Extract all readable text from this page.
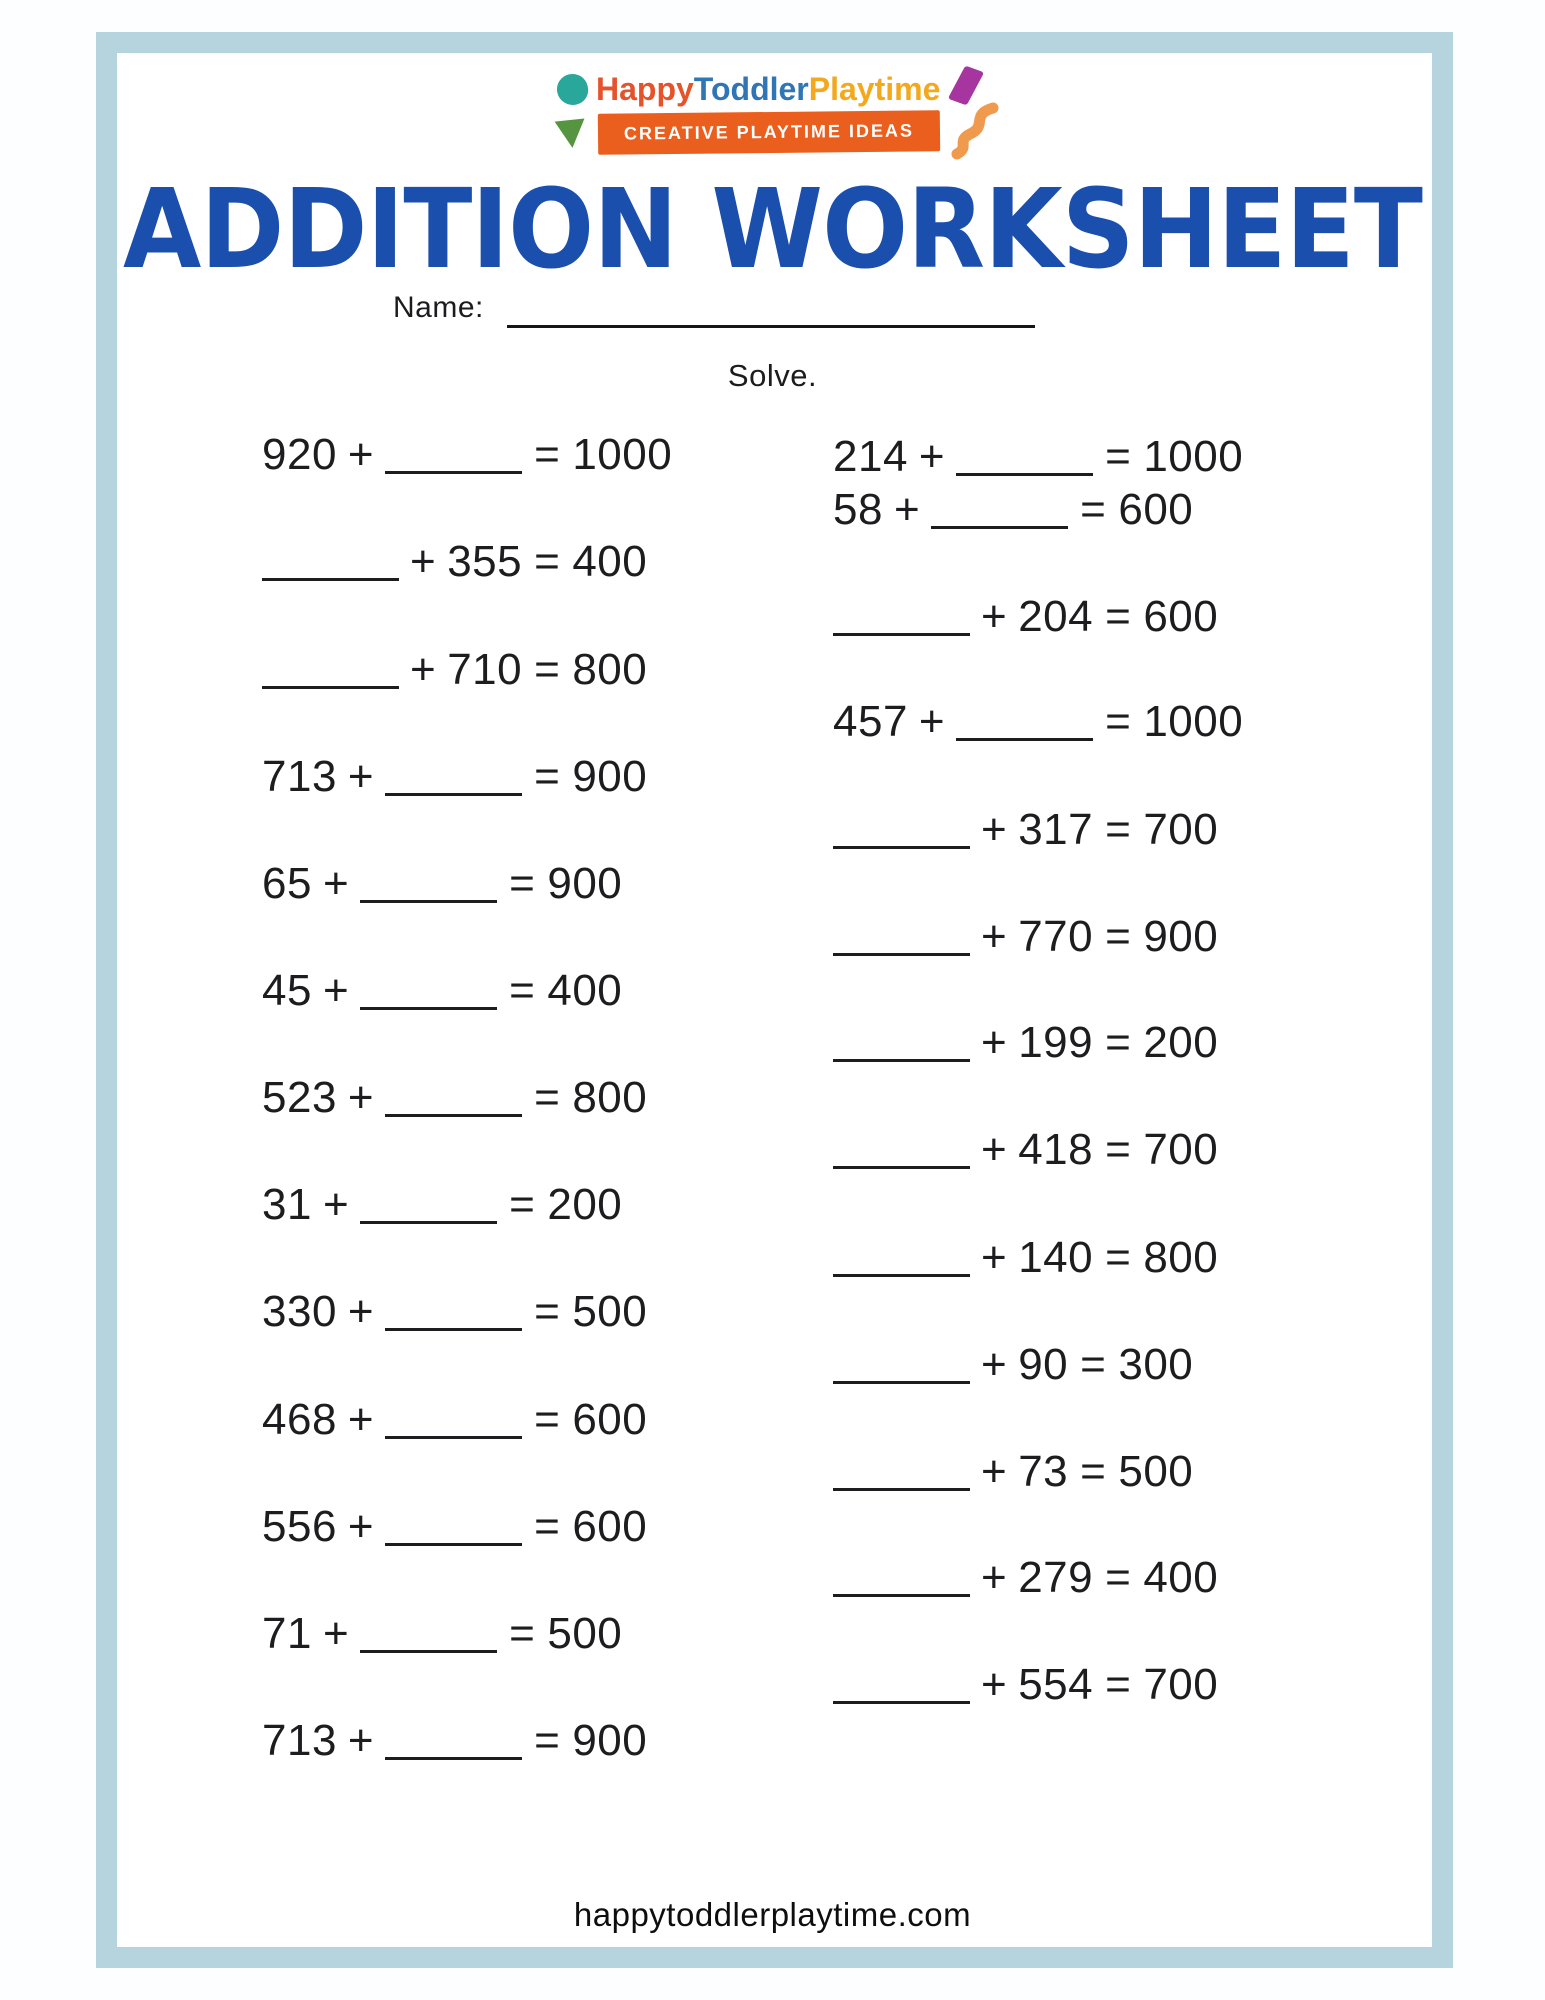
HappyToddlerPlaytime
CREATIVE PLAYTIME IDEAS
ADDITION WORKSHEET
Name:
Solve.
920 +	= 1000
+ 355 = 400
+ 710 = 800
713 +	= 900
65 +	= 900
45 +	= 400
523 +	= 800
31 +	= 200
330 +	= 500
468 +	= 600
556 +	= 600
71 +	= 500
713 +	= 900
214 +	= 1000
58 +	= 600
+ 204 = 600
457 +	= 1000
+ 317 = 700
+ 770 = 900
+ 199 = 200
+ 418 = 700
+ 140 = 800
+ 90 = 300
+ 73 = 500
+ 279 = 400
+ 554 = 700
happytoddlerplaytime.com
